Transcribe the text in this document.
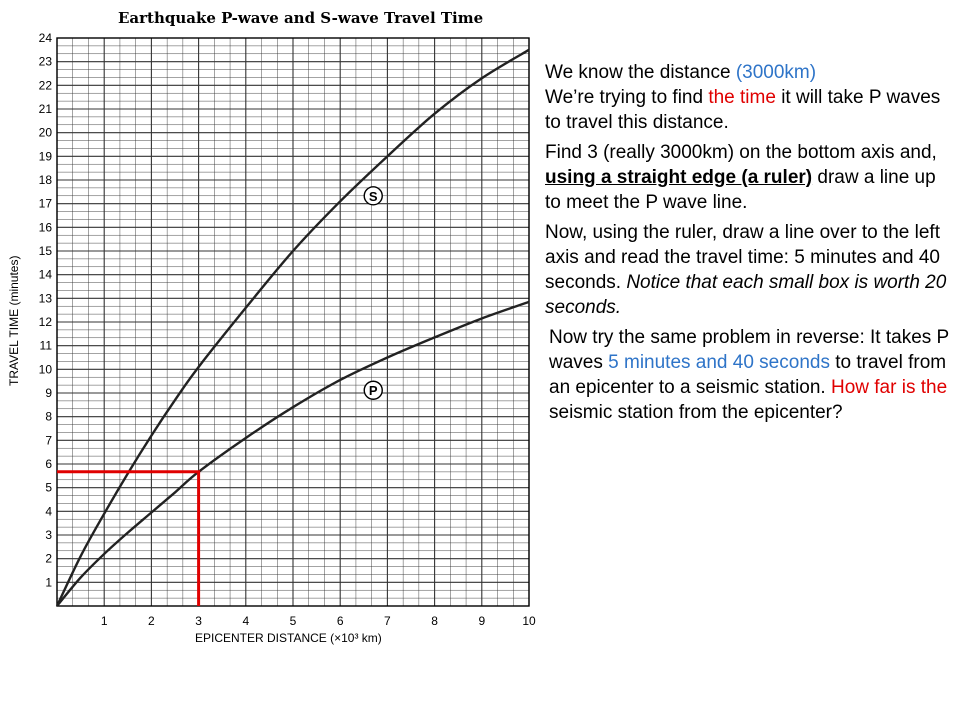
Earthquake P-wave and S-wave Travel Time
1
2
3
4
5
6
7
8
9
10
11
12
13
14
15
16
17
18
19
20
21
22
23
24
1	2	3	4	5	6	7	8	9	10
S
P
EPICENTER DISTANCE (×10³ km)
TRAVEL TIME (minutes)

We know the distance (3000km)
We’re trying to find the time it will take P waves to travel this distance.

Find 3 (really 3000km) on the bottom axis and, using a straight edge (a ruler) draw a line up to meet the P wave line.

Now, using the ruler, draw a line over to the left axis and read the travel time: 5 minutes and 40 seconds. Notice that each small box is worth 20 seconds.

Now try the same problem in reverse: It takes P waves 5 minutes and 40 seconds to travel from an epicenter to a seismic station. How far is the seismic station from the epicenter?
